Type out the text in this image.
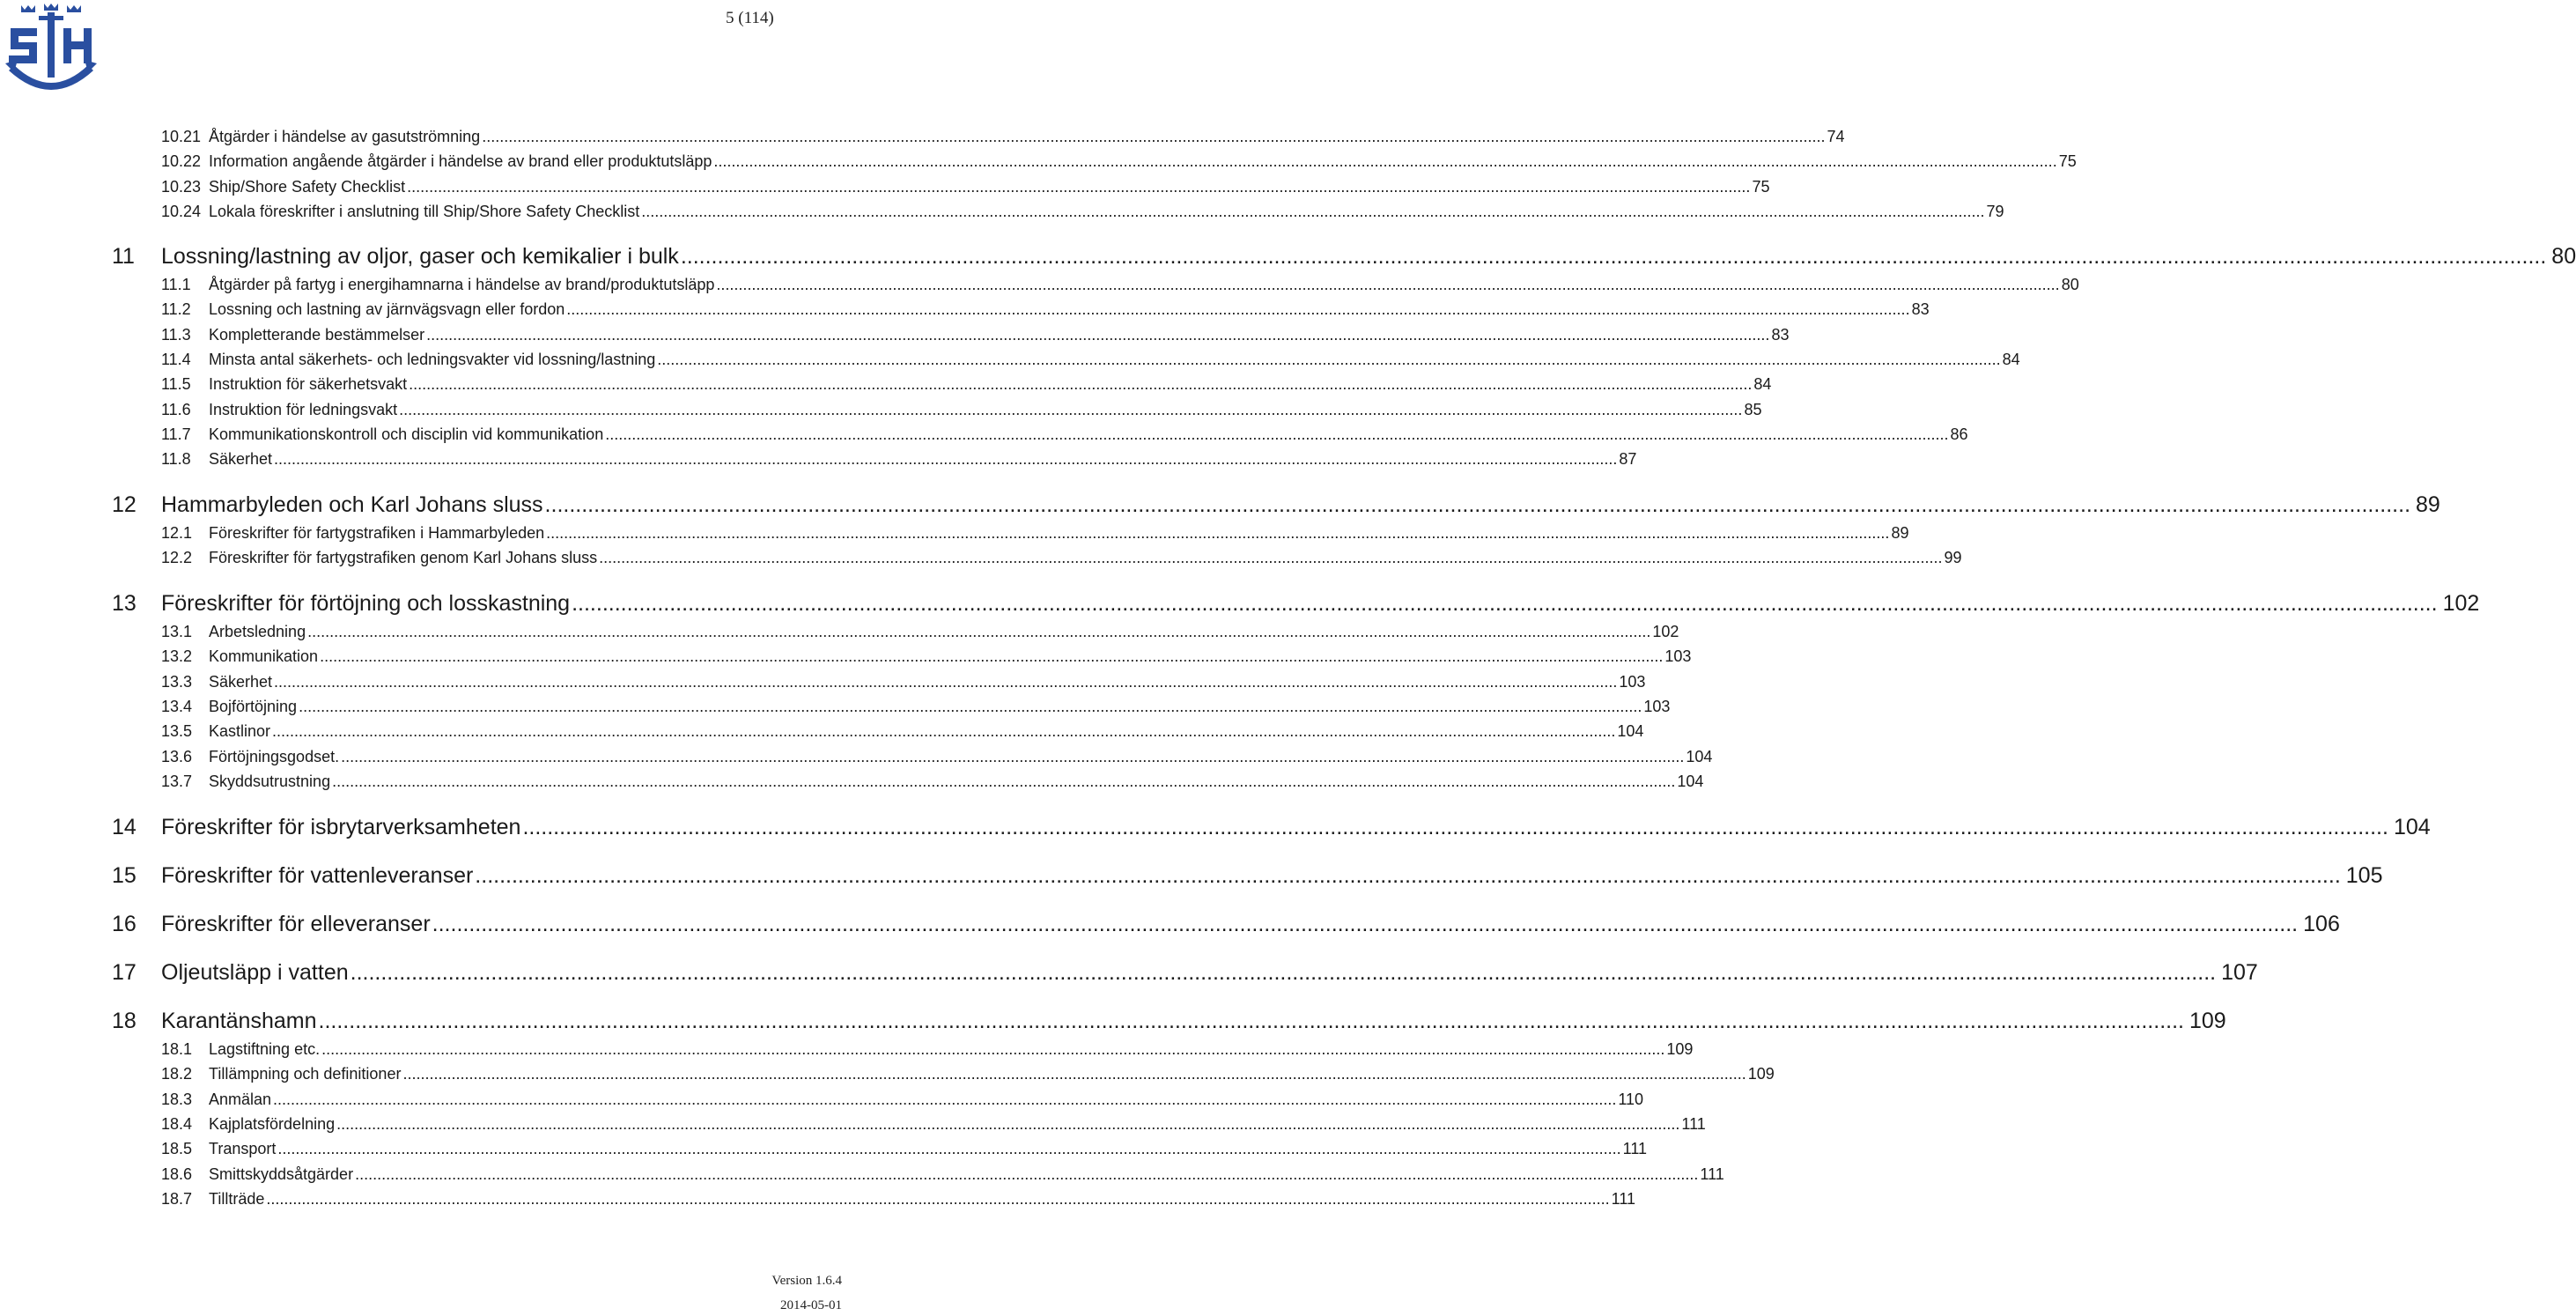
5 (114)
10.21 Åtgärder i händelse av gasutströmning ................................................................................................................................................................................................................................................................................................................. 74
10.22 Information angående åtgärder i händelse av brand eller produktutsläpp ................................................................................................................................................................................................................................................................................................................. 75
10.23 Ship/Shore Safety Checklist ................................................................................................................................................................................................................................................................................................................. 75
10.24 Lokala föreskrifter i anslutning till Ship/Shore Safety Checklist ................................................................................................................................................................................................................................................................................................................. 79
11	Lossning/lastning av oljor, gaser och kemikalier i bulk ................................................................................................................................................................................................................................................................................................................. 80
11.1	Åtgärder på fartyg i energihamnarna i händelse av brand/produktutsläpp ................................................................................................................................................................................................................................................................................................................. 80
11.2	Lossning och lastning av järnvägsvagn eller fordon ................................................................................................................................................................................................................................................................................................................. 83
11.3	Kompletterande bestämmelser ................................................................................................................................................................................................................................................................................................................. 83
11.4	Minsta antal säkerhets- och ledningsvakter vid lossning/lastning ................................................................................................................................................................................................................................................................................................................. 84
11.5	Instruktion för säkerhetsvakt ................................................................................................................................................................................................................................................................................................................. 84
11.6	Instruktion för ledningsvakt ................................................................................................................................................................................................................................................................................................................. 85
11.7	Kommunikationskontroll och disciplin vid kommunikation ................................................................................................................................................................................................................................................................................................................. 86
11.8	Säkerhet ................................................................................................................................................................................................................................................................................................................. 87
12	Hammarbyleden och Karl Johans sluss ................................................................................................................................................................................................................................................................................................................. 89
12.1	Föreskrifter för fartygstrafiken i Hammarbyleden ................................................................................................................................................................................................................................................................................................................. 89
12.2	Föreskrifter för fartygstrafiken genom Karl Johans sluss ................................................................................................................................................................................................................................................................................................................. 99
13	Föreskrifter för förtöjning och losskastning ................................................................................................................................................................................................................................................................................................................. 102
13.1	Arbetsledning ................................................................................................................................................................................................................................................................................................................. 102
13.2	Kommunikation ................................................................................................................................................................................................................................................................................................................. 103
13.3	Säkerhet ................................................................................................................................................................................................................................................................................................................. 103
13.4	Bojförtöjning ................................................................................................................................................................................................................................................................................................................. 103
13.5	Kastlinor ................................................................................................................................................................................................................................................................................................................. 104
13.6	Förtöjningsgodset. ................................................................................................................................................................................................................................................................................................................. 104
13.7	Skyddsutrustning ................................................................................................................................................................................................................................................................................................................. 104
14	Föreskrifter för isbrytarverksamheten ................................................................................................................................................................................................................................................................................................................. 104
15	Föreskrifter för vattenleveranser ................................................................................................................................................................................................................................................................................................................. 105
16	Föreskrifter för elleveranser ................................................................................................................................................................................................................................................................................................................. 106
17	Oljeutsläpp i vatten ................................................................................................................................................................................................................................................................................................................. 107
18	Karantänshamn ................................................................................................................................................................................................................................................................................................................. 109
18.1	Lagstiftning etc. ................................................................................................................................................................................................................................................................................................................. 109
18.2	Tillämpning och definitioner ................................................................................................................................................................................................................................................................................................................. 109
18.3	Anmälan ................................................................................................................................................................................................................................................................................................................. 110
18.4	Kajplatsfördelning ................................................................................................................................................................................................................................................................................................................. 111
18.5	Transport ................................................................................................................................................................................................................................................................................................................. 111
18.6	Smittskyddsåtgärder ................................................................................................................................................................................................................................................................................................................. 111
18.7	Tillträde ................................................................................................................................................................................................................................................................................................................. 111
Version 1.6.4
2014-05-01
